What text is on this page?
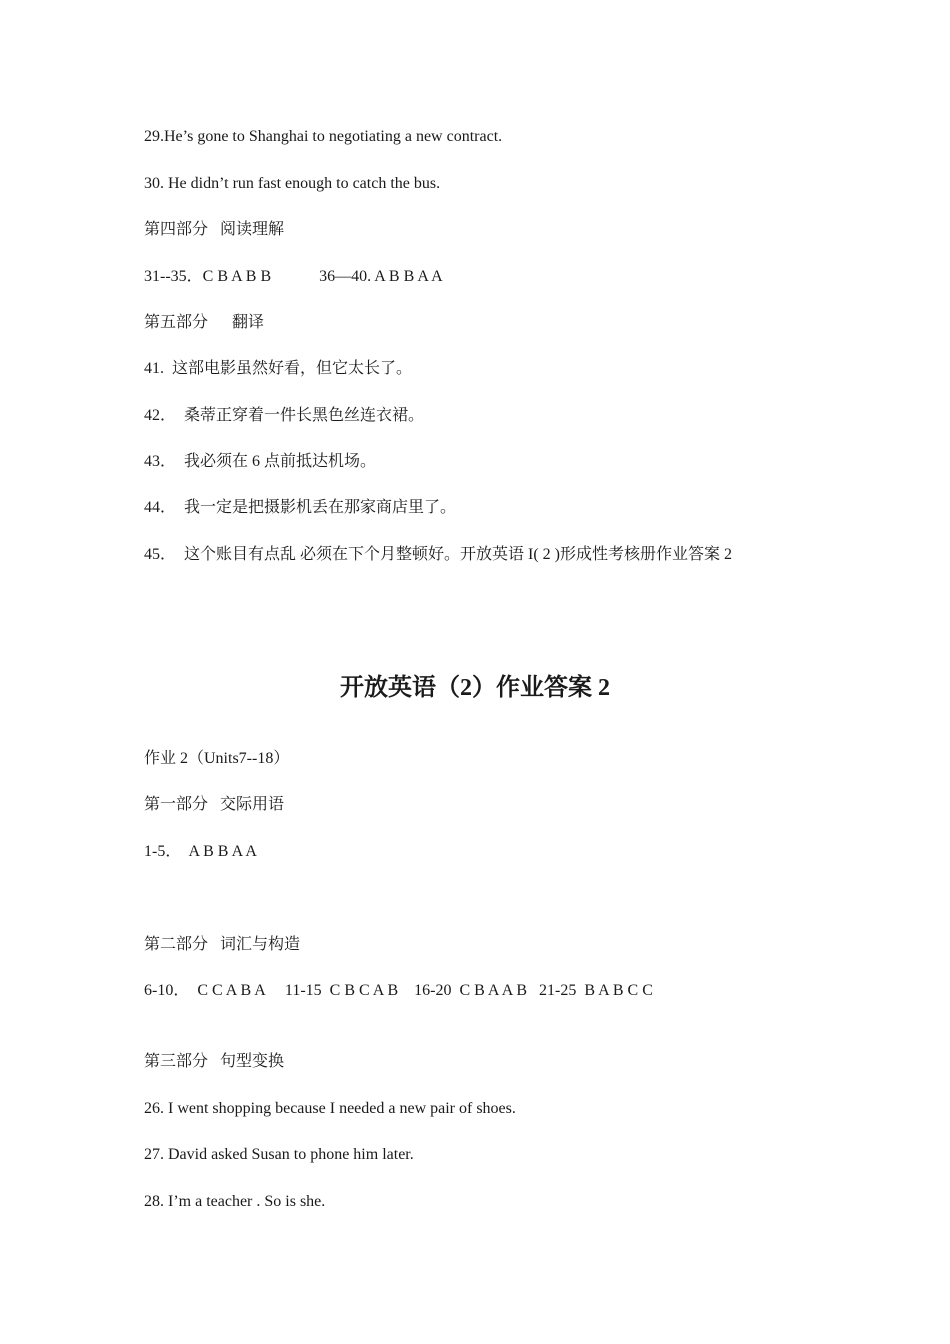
29.He’s gone to Shanghai to negotiating a new contract.
30. He didn’t run fast enough to catch the bus.
第四部分   阅读理解
31--35．C B A B B            36—40. A B B A A
第五部分      翻译
41.  这部电影虽然好看，但它太长了。
42．  桑蒂正穿着一件长黑色丝连衣裙。
43．  我必须在 6 点前抵达机场。
44．  我一定是把摄影机丢在那家商店里了。
45．  这个账目有点乱 必须在下个月整顿好。开放英语 I( 2 )形成性考核册作业答案 2
开放英语（2）作业答案 2
作业 2（Units7--18）
第一部分   交际用语
1-5．  A B B A A
第二部分   词汇与构造
6-10．  C C A B A     11-15  C B C A B    16-20  C B A A B   21-25  B A B C C
第三部分   句型变换
26. I went shopping because I needed a new pair of shoes.
27. David asked Susan to phone him later.
28. I’m a teacher . So is she.
